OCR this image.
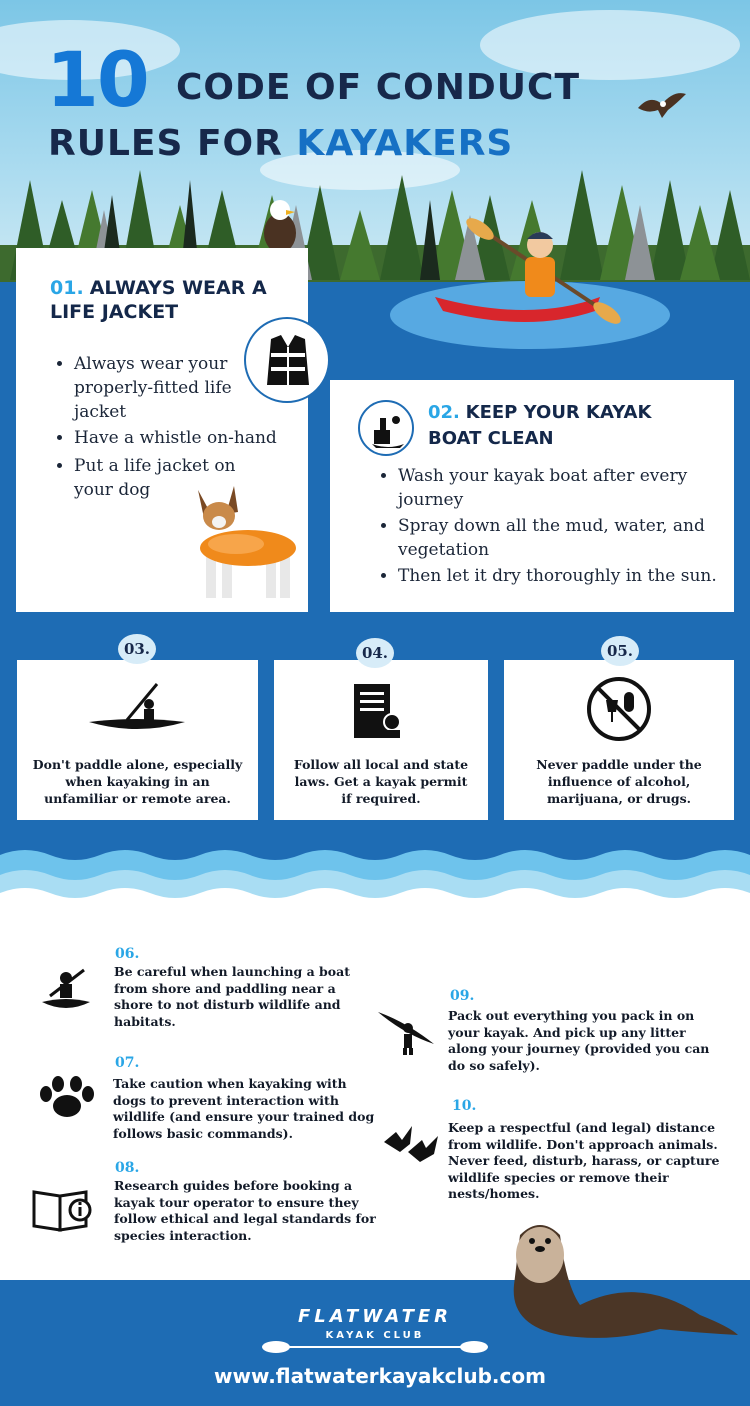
10 CODE OF CONDUCT
RULES FOR KAYAKERS
01. ALWAYS WEAR A
LIFE JACKET
• Always wear your properly-fitted life jacket
• Have a whistle on-hand
• Put a life jacket on your dog
02. KEEP YOUR KAYAK
BOAT CLEAN
• Wash your kayak boat after every journey
• Spray down all the mud, water, and vegetation
• Then let it dry thoroughly in the sun.
Don't paddle alone, especially when kayaking in an unfamiliar or remote area.
03.
Follow all local and state laws. Get a kayak permit if required.
04.
Never paddle under the influence of alcohol, marijuana, or drugs.
05.
06.
Be careful when launching a boat from shore and paddling near a shore to not disturb wildlife and habitats.
07.
Take caution when kayaking with dogs to prevent interaction with wildlife (and ensure your trained dog follows basic commands).
08.
Research guides before booking a kayak tour operator to ensure they follow ethical and legal standards for species interaction.
09.
Pack out everything you pack in on your kayak. And pick up any litter along your journey (provided you can do so safely).
10.
Keep a respectful (and legal) distance from wildlife. Don't approach animals. Never feed, disturb, harass, or capture wildlife species or remove their nests/homes.
FLATWATER
KAYAK CLUB
www.flatwaterkayakclub.com
